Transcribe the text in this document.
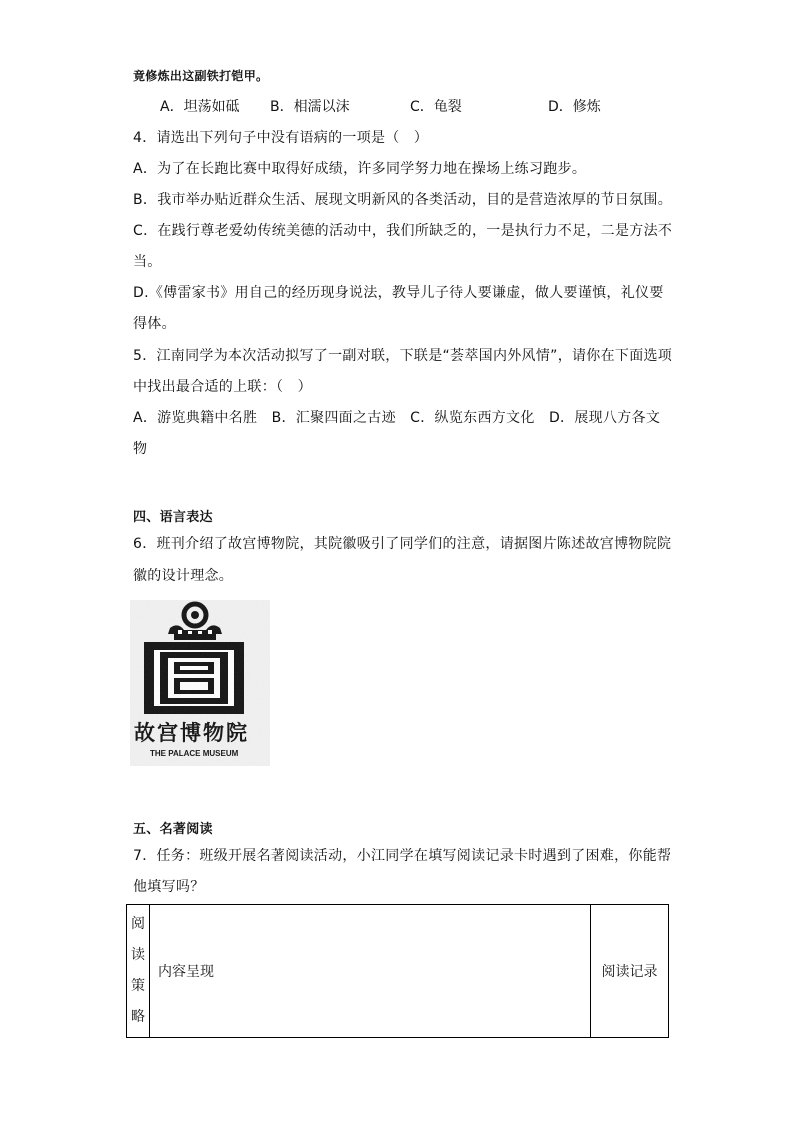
竟修炼出这副铁打铠甲。
A．坦荡如砥 B．相濡以沫	C．龟裂	D．修炼
4．请选出下列句子中没有语病的一项是（　）
A．为了在长跑比赛中取得好成绩，许多同学努力地在操场上练习跑步。
B．我市举办贴近群众生活、展现文明新风的各类活动，目的是营造浓厚的节日氛围。
C．在践行尊老爱幼传统美德的活动中，我们所缺乏的，一是执行力不足，二是方法不
当。
D.《傅雷家书》用自己的经历现身说法，教导儿子待人要谦虚，做人要谨慎，礼仪要
得体。
5．江南同学为本次活动拟写了一副对联，下联是“荟萃国内外风情”，请你在下面选项
中找出最合适的上联：（　）
A．游览典籍中名胜　B．汇聚四面之古迹　C．纵览东西方文化　D．展现八方各文
物
四、语言表达
6．班刊介绍了故宫博物院，其院徽吸引了同学们的注意，请据图片陈述故宫博物院院
徽的设计理念。
五、名著阅读
7．任务：班级开展名著阅读活动，小江同学在填写阅读记录卡时遇到了困难，你能帮
他填写吗？
阅
读
策
略
	内容呈现	阅读记录
